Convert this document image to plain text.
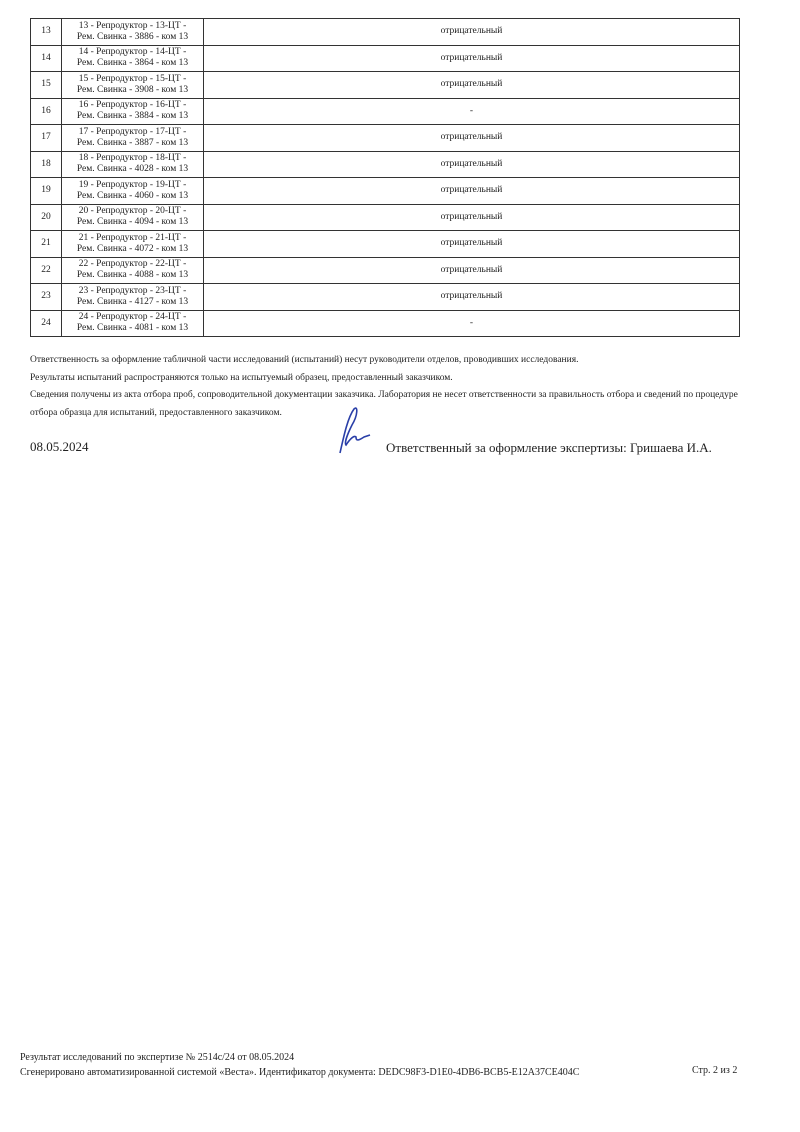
13	13 - Репродуктор - 13-ЦТ -
Рем. Свинка - 3886 - ком 13	отрицательный
14	14 - Репродуктор - 14-ЦТ -
Рем. Свинка - 3864 - ком 13	отрицательный
15	15 - Репродуктор - 15-ЦТ -
Рем. Свинка - 3908 - ком 13	отрицательный
16	16 - Репродуктор - 16-ЦТ -
Рем. Свинка - 3884 - ком 13	-
17	17 - Репродуктор - 17-ЦТ -
Рем. Свинка - 3887 - ком 13	отрицательный
18	18 - Репродуктор - 18-ЦТ -
Рем. Свинка - 4028 - ком 13	отрицательный
19	19 - Репродуктор - 19-ЦТ -
Рем. Свинка - 4060 - ком 13	отрицательный
20	20 - Репродуктор - 20-ЦТ -
Рем. Свинка - 4094 - ком 13	отрицательный
21	21 - Репродуктор - 21-ЦТ -
Рем. Свинка - 4072 - ком 13	отрицательный
22	22 - Репродуктор - 22-ЦТ -
Рем. Свинка - 4088 - ком 13	отрицательный
23	23 - Репродуктор - 23-ЦТ -
Рем. Свинка - 4127 - ком 13	отрицательный
24	24 - Репродуктор - 24-ЦТ -
Рем. Свинка - 4081 - ком 13	-
Ответственность за оформление табличной части исследований (испытаний) несут руководители отделов, проводивших исследования.
Результаты испытаний распространяются только на испытуемый образец, предоставленный заказчиком.
Сведения получены из акта отбора проб, сопроводительной документации заказчика. Лаборатория не несет ответственности за правильность отбора и сведений по процедуре отбора образца для испытаний, предоставленного заказчиком.
08.05.2024	Ответственный за оформление экспертизы: Гришаева И.А.
Результат исследований по экспертизе № 2514с/24 от 08.05.2024
Сгенерировано автоматизированной системой «Веста». Идентификатор документа: DEDC98F3-D1E0-4DB6-BCB5-E12A37CE404C	Стр. 2 из 2
